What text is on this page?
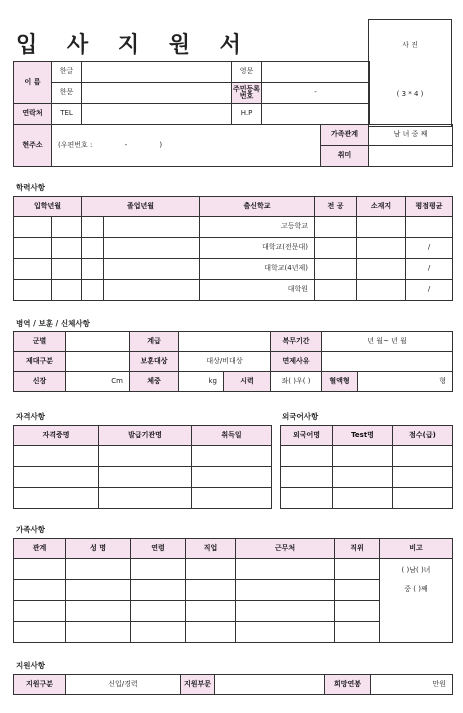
입 사 지 원 서	사 진
( 3 * 4 )
이 름	한글		영문	
	한문		주민등록번호	-
연락처	TEL		H.P	
현주소	(우편번호 : - )	가족관계	남 녀 중 째
		취미	
학력사항
입학년월		졸업년월		출신학교	전 공	소재지	평점평균
				고등학교			
				대학교(전문대)			/
				대학교(4년제)			/
				대학원			/
병역 / 보훈 / 신체사항
군별		계급			복무기간	년 월~ 년 월	
제대구분		보훈대상	대상/비대상		면제사유		
신장	Cm	체중	kg	시력	좌( )우( )	혈액형	형
자격사항
자격증명	발급기관명	취득일

외국어사항
외국어명	Test명	점수(급)

가족사항
관계	성 명	연령	직업	근무처	직위	비고

						( )남( )녀
중 ( )째

지원사항
지원구분	신입/경력	지원부문		희망연봉	만원
